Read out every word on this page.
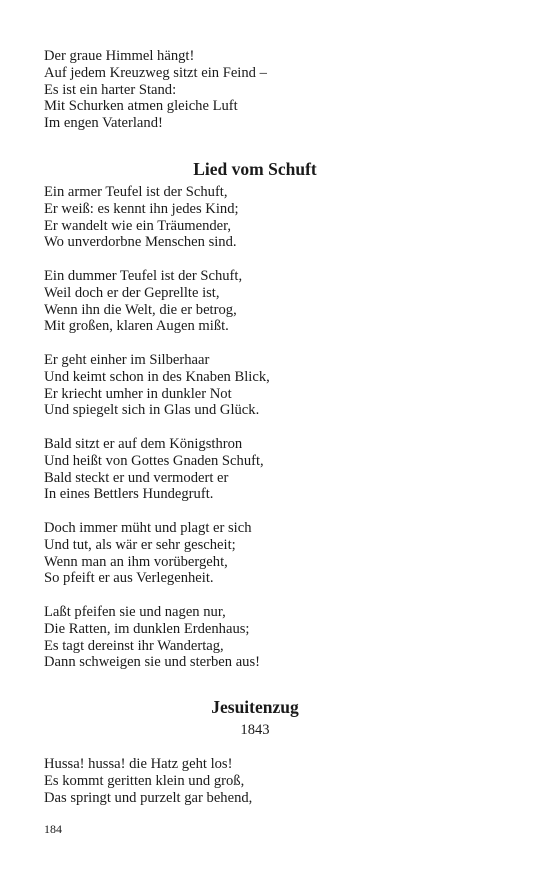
Der graue Himmel hängt!
Auf jedem Kreuzweg sitzt ein Feind –
Es ist ein harter Stand:
Mit Schurken atmen gleiche Luft
Im engen Vaterland!
Lied vom Schuft
Ein armer Teufel ist der Schuft,
Er weiß: es kennt ihn jedes Kind;
Er wandelt wie ein Träumender,
Wo unverdorbne Menschen sind.
Ein dummer Teufel ist der Schuft,
Weil doch er der Geprellte ist,
Wenn ihn die Welt, die er betrog,
Mit großen, klaren Augen mißt.
Er geht einher im Silberhaar
Und keimt schon in des Knaben Blick,
Er kriecht umher in dunkler Not
Und spiegelt sich in Glas und Glück.
Bald sitzt er auf dem Königsthron
Und heißt von Gottes Gnaden Schuft,
Bald steckt er und vermodert er
In eines Bettlers Hundegruft.
Doch immer müht und plagt er sich
Und tut, als wär er sehr gescheit;
Wenn man an ihm vorübergeht,
So pfeift er aus Verlegenheit.
Laßt pfeifen sie und nagen nur,
Die Ratten, im dunklen Erdenhaus;
Es tagt dereinst ihr Wandertag,
Dann schweigen sie und sterben aus!
Jesuitenzug
1843
Hussa! hussa! die Hatz geht los!
Es kommt geritten klein und groß,
Das springt und purzelt gar behend,
184
